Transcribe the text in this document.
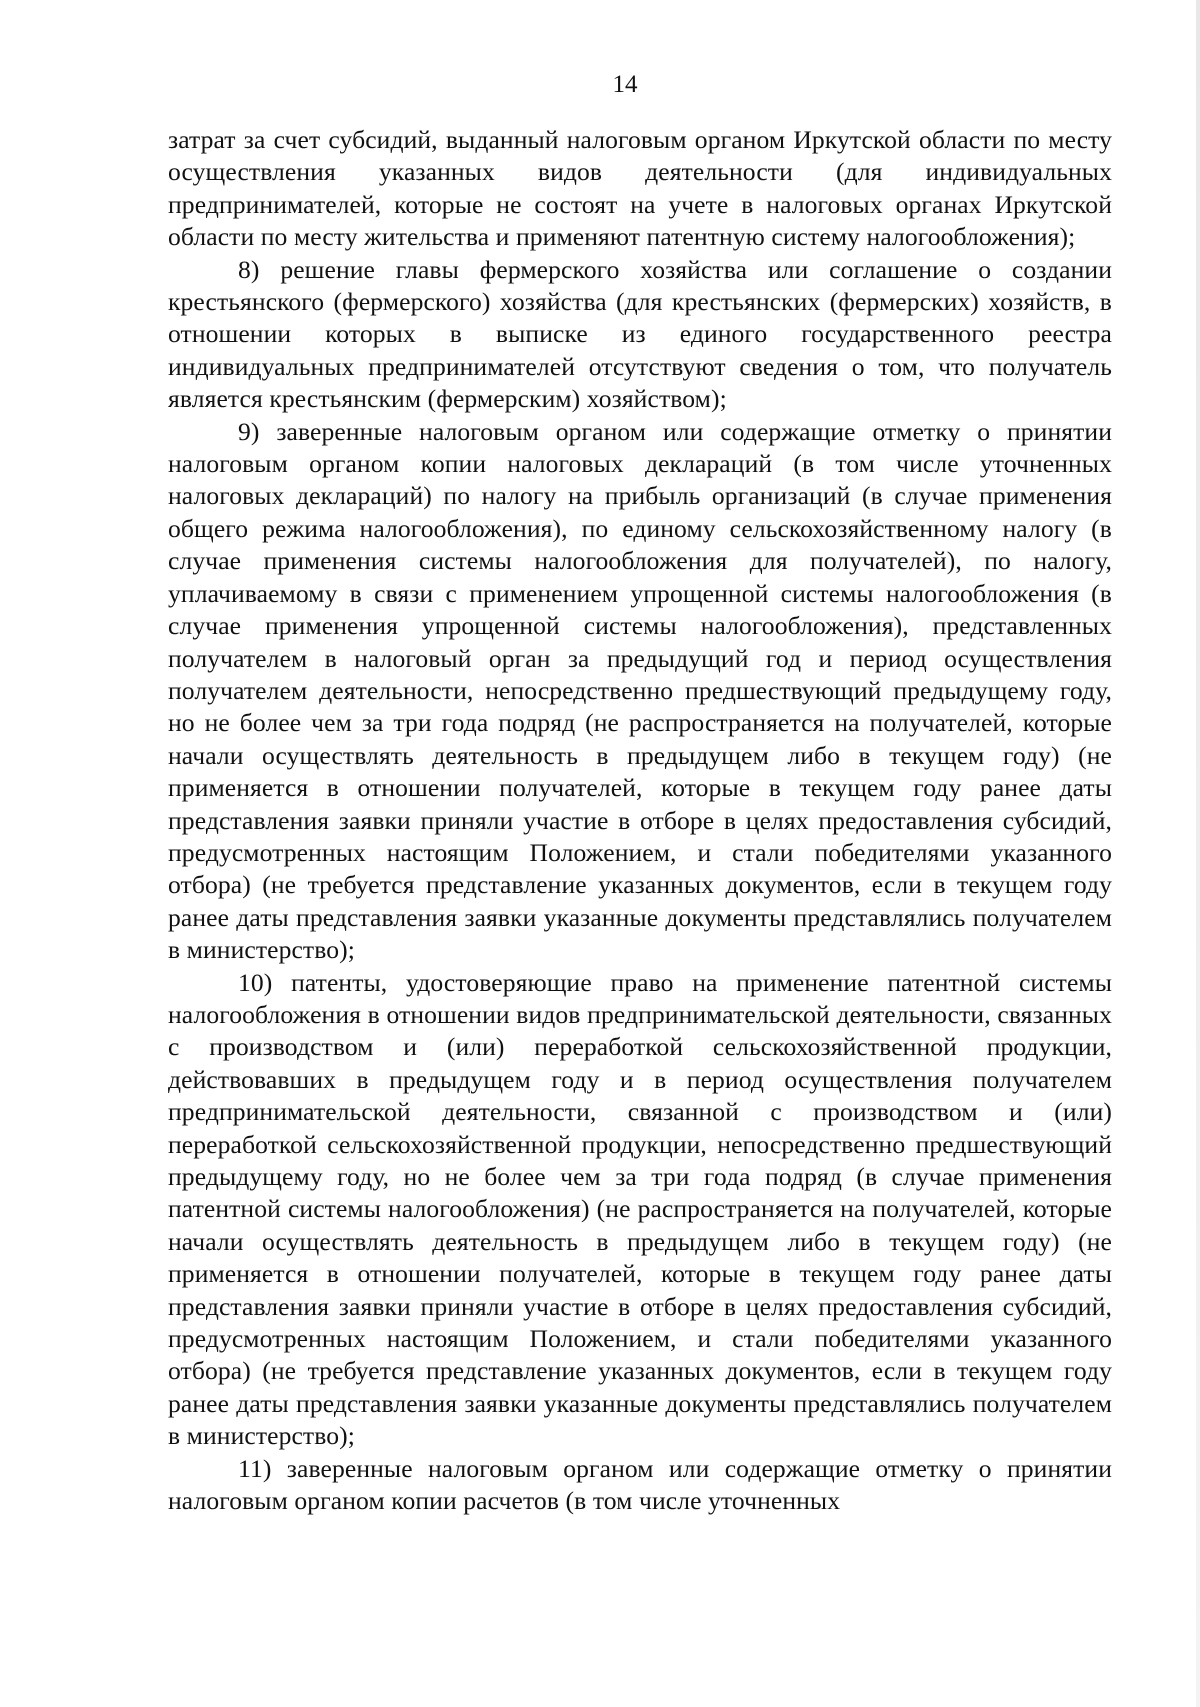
14

затрат за счет субсидий, выданный налоговым органом Иркутской области по месту осуществления указанных видов деятельности (для индивидуальных предпринимателей, которые не состоят на учете в налоговых органах Иркутской области по месту жительства и применяют патентную систему налогообложения);

8) решение главы фермерского хозяйства или соглашение о создании крестьянского (фермерского) хозяйства (для крестьянских (фермерских) хозяйств, в отношении которых в выписке из единого государственного реестра индивидуальных предпринимателей отсутствуют сведения о том, что получатель является крестьянским (фермерским) хозяйством);

9) заверенные налоговым органом или содержащие отметку о принятии налоговым органом копии налоговых деклараций (в том числе уточненных налоговых деклараций) по налогу на прибыль организаций (в случае применения общего режима налогообложения), по единому сельскохозяйственному налогу (в случае применения системы налогообложения для получателей), по налогу, уплачиваемому в связи с применением упрощенной системы налогообложения (в случае применения упрощенной системы налогообложения), представленных получателем в налоговый орган за предыдущий год и период осуществления получателем деятельности, непосредственно предшествующий предыдущему году, но не более чем за три года подряд (не распространяется на получателей, которые начали осуществлять деятельность в предыдущем либо в текущем году) (не применяется в отношении получателей, которые в текущем году ранее даты представления заявки приняли участие в отборе в целях предоставления субсидий, предусмотренных настоящим Положением, и стали победителями указанного отбора) (не требуется представление указанных документов, если в текущем году ранее даты представления заявки указанные документы представлялись получателем в министерство);

10) патенты, удостоверяющие право на применение патентной системы налогообложения в отношении видов предпринимательской деятельности, связанных с производством и (или) переработкой сельскохозяйственной продукции, действовавших в предыдущем году и в период осуществления получателем предпринимательской деятельности, связанной с производством и (или) переработкой сельскохозяйственной продукции, непосредственно предшествующий предыдущему году, но не более чем за три года подряд (в случае применения патентной системы налогообложения) (не распространяется на получателей, которые начали осуществлять деятельность в предыдущем либо в текущем году) (не применяется в отношении получателей, которые в текущем году ранее даты представления заявки приняли участие в отборе в целях предоставления субсидий, предусмотренных настоящим Положением, и стали победителями указанного отбора) (не требуется представление указанных документов, если в текущем году ранее даты представления заявки указанные документы представлялись получателем в министерство);

11) заверенные налоговым органом или содержащие отметку о принятии налоговым органом копии расчетов (в том числе уточненных
